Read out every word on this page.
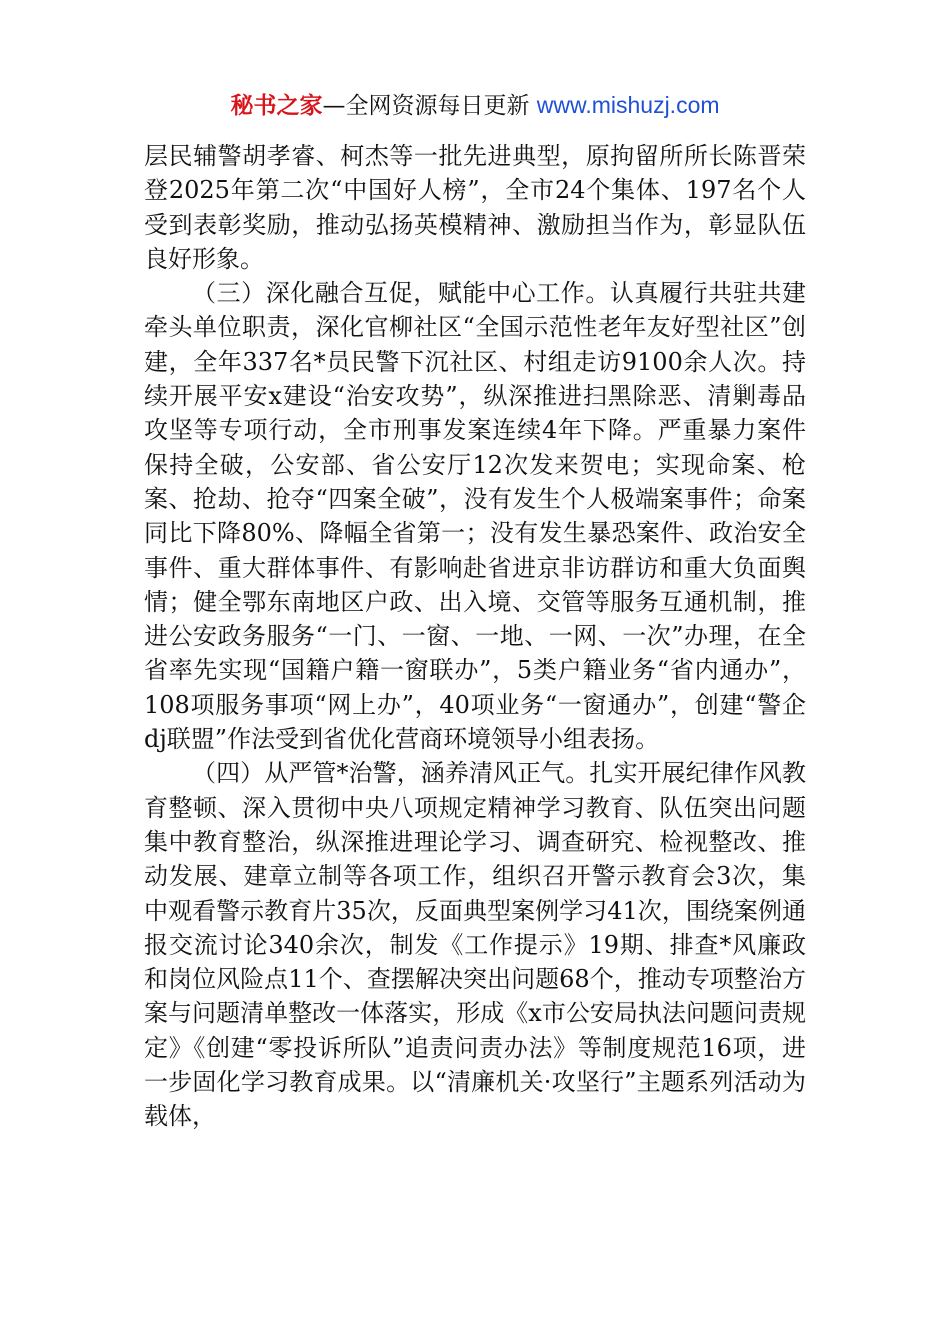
秘书之家—全网资源每日更新 www.mishuzj.com

层民辅警胡孝睿、柯杰等一批先进典型，原拘留所所长陈晋荣登2025年第二次“中国好人榜”，全市24个集体、197名个人受到表彰奖励，推动弘扬英模精神、激励担当作为，彰显队伍良好形象。

（三）深化融合互促，赋能中心工作。认真履行共驻共建牵头单位职责，深化官柳社区“全国示范性老年友好型社区”创建，全年337名*员民警下沉社区、村组走访9100余人次。持续开展平安x建设“治安攻势”，纵深推进扫黑除恶、清剿毒品攻坚等专项行动，全市刑事发案连续4年下降。严重暴力案件保持全破，公安部、省公安厅12次发来贺电；实现命案、枪案、抢劫、抢夺“四案全破”，没有发生个人极端案事件；命案同比下降80%、降幅全省第一；没有发生暴恐案件、政治安全事件、重大群体事件、有影响赴省进京非访群访和重大负面舆情；健全鄂东南地区户政、出入境、交管等服务互通机制，推进公安政务服务“一门、一窗、一地、一网、一次”办理，在全省率先实现“国籍户籍一窗联办”，5类户籍业务“省内通办”，108项服务事项“网上办”，40项业务“一窗通办”，创建“警企dj联盟”作法受到省优化营商环境领导小组表扬。

（四）从严管*治警，涵养清风正气。扎实开展纪律作风教育整顿、深入贯彻中央八项规定精神学习教育、队伍突出问题集中教育整治，纵深推进理论学习、调查研究、检视整改、推动发展、建章立制等各项工作，组织召开警示教育会3次，集中观看警示教育片35次，反面典型案例学习41次，围绕案例通报交流讨论340余次，制发《工作提示》19期、排查*风廉政和岗位风险点11个、查摆解决突出问题68个，推动专项整治方案与问题清单整改一体落实，形成《x市公安局执法问题问责规定》《创建“零投诉所队”追责问责办法》等制度规范16项，进一步固化学习教育成果。以“清廉机关·攻坚行”主题系列活动为载体，
